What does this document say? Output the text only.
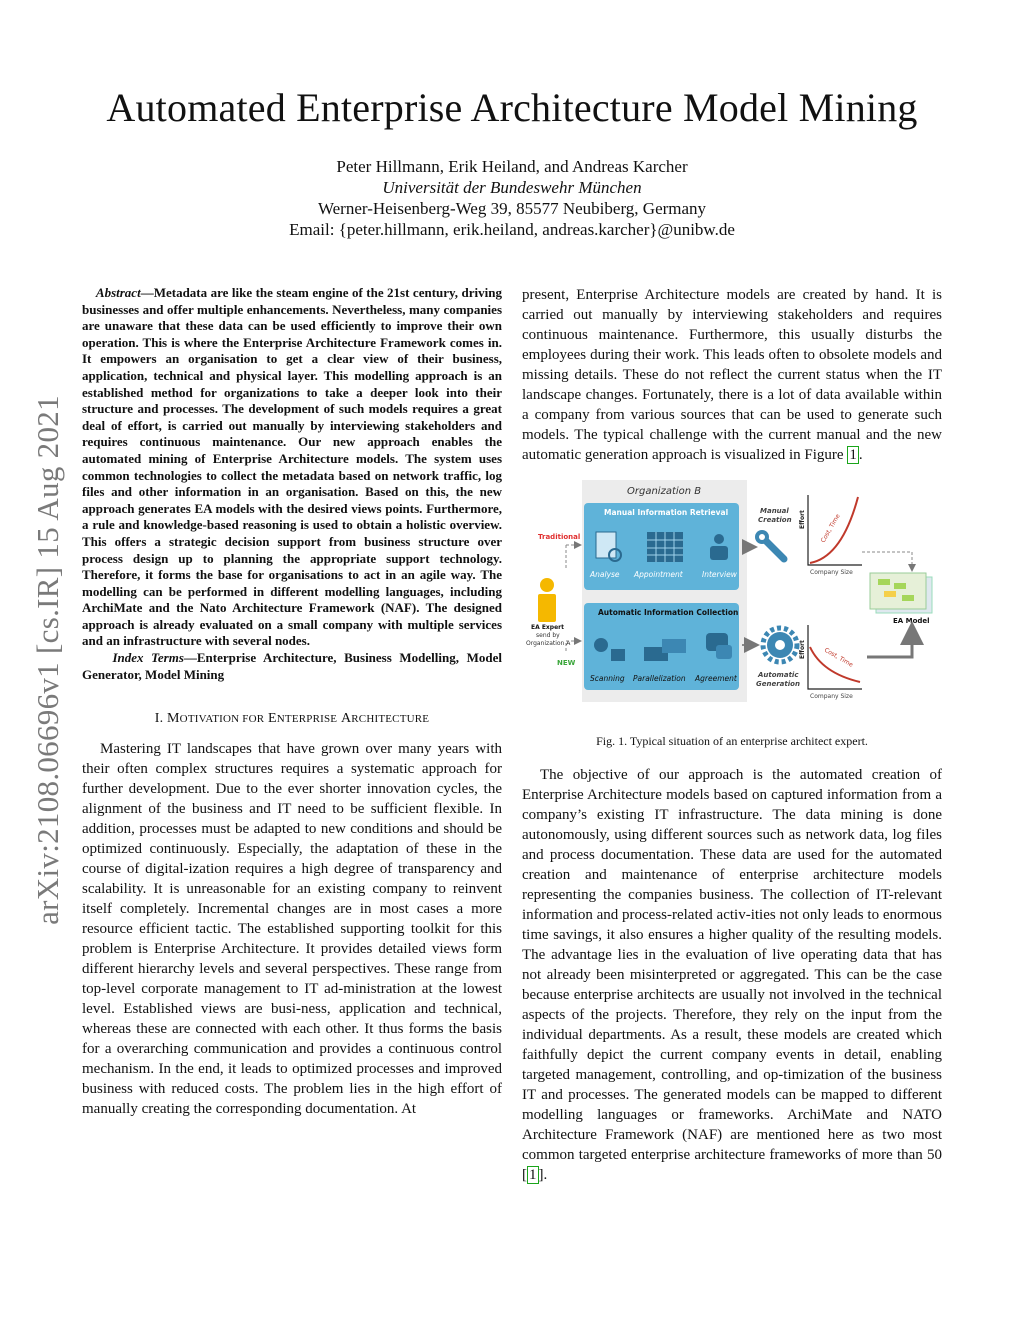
arXiv:2108.06696v1 [cs.IR] 15 Aug 2021
Automated Enterprise Architecture Model Mining
Peter Hillmann, Erik Heiland, and Andreas Karcher
Universität der Bundeswehr München
Werner-Heisenberg-Weg 39, 85577 Neubiberg, Germany
Email: {peter.hillmann, erik.heiland, andreas.karcher}@unibw.de

Abstract—Metadata are like the steam engine of the 21st century, driving businesses and offer multiple enhancements. Nevertheless, many companies are unaware that these data can be used efficiently to improve their own operation. This is where the Enterprise Architecture Framework comes in. It empowers an organisation to get a clear view of their business, application, technical and physical layer. This modelling approach is an established method for organizations to take a deeper look into their structure and processes. The development of such models requires a great deal of effort, is carried out manually by interviewing stakeholders and requires continuous maintenance. Our new approach enables the automated mining of Enterprise Architecture models. The system uses common technologies to collect the metadata based on network traffic, log files and other information in an organisation. Based on this, the new approach generates EA models with the desired views points. Furthermore, a rule and knowledge-based reasoning is used to obtain a holistic overview. This offers a strategic decision support from business structure over process design up to planning the appropriate support technology. Therefore, it forms the base for organisations to act in an agile way. The modelling can be performed in different modelling languages, including ArchiMate and the Nato Architecture Framework (NAF). The designed approach is already evaluated on a small company with multiple services and an infrastructure with several nodes.

Index Terms—Enterprise Architecture, Business Modelling, Model Generator, Model Mining

I. MOTIVATION FOR ENTERPRISE ARCHITECTURE

Mastering IT landscapes that have grown over many years with their often complex structures requires a systematic approach for further development. Due to the ever shorter innovation cycles, the alignment of the business and IT need to be sufficient flexible. In addition, processes must be adapted to new conditions and should be optimized continuously. Especially, the adaptation of these in the course of digital-ization requires a high degree of transparency and scalability. It is unreasonable for an existing company to reinvent itself completely. Incremental changes are in most cases a more resource efficient tactic. The established supporting toolkit for this problem is Enterprise Architecture. It provides detailed views form different hierarchy levels and several perspectives. These range from top-level corporate management to IT ad-ministration at the lowest level. Established views are busi-ness, application and technical, whereas these are connected with each other. It thus forms the basis for a overarching communication and provides a continuous control mechanism. In the end, it leads to optimized processes and improved business with reduced costs. The problem lies in the high effort of manually creating the corresponding documentation. At

present, Enterprise Architecture models are created by hand. It is carried out manually by interviewing stakeholders and requires continuous maintenance. Furthermore, this usually disturbs the employees during their work. This leads often to obsolete models and missing details. These do not reflect the current status when the IT landscape changes. Fortunately, there is a lot of data available within a company from various sources that can be used to generate such models. The typical challenge with the current manual and the new automatic generation approach is visualized in Figure 1 .

Organization B
Manual Information Retrieval
Analyse Appointment	Interview
Automatic Information Collection
Scanning Parallelization Agreement
Traditional
EA Expert
send by
Organization A
NEW
Manual
Creation Effort Cost, Time
Company Size
EA Model
Automatic
Generation
Effort	Cost, Time
Company Size
Fig. 1. Typical situation of an enterprise architect expert.

The objective of our approach is the automated creation of Enterprise Architecture models based on captured information from a company’s existing IT infrastructure. The data mining is done autonomously, using different sources such as network data, log files and process documentation. These data are used for the automated creation and maintenance of enterprise architecture models representing the companies business. The collection of IT-relevant information and process-related activ-ities not only leads to enormous time savings, it also ensures a higher quality of the resulting models. The advantage lies in the evaluation of live operating data that has not already been misinterpreted or aggregated. This can be the case because enterprise architects are usually not involved in the technical aspects of the projects. Therefore, they rely on the input from the individual departments. As a result, these models are created which faithfully depict the current company events in detail, enabling targeted management, controlling, and op-timization of the business IT and processes. The generated models can be mapped to different modelling languages or frameworks. ArchiMate and NATO Architecture Framework (NAF) are mentioned here as two most common targeted enterprise architecture frameworks of more than 50 [ 1 ].
